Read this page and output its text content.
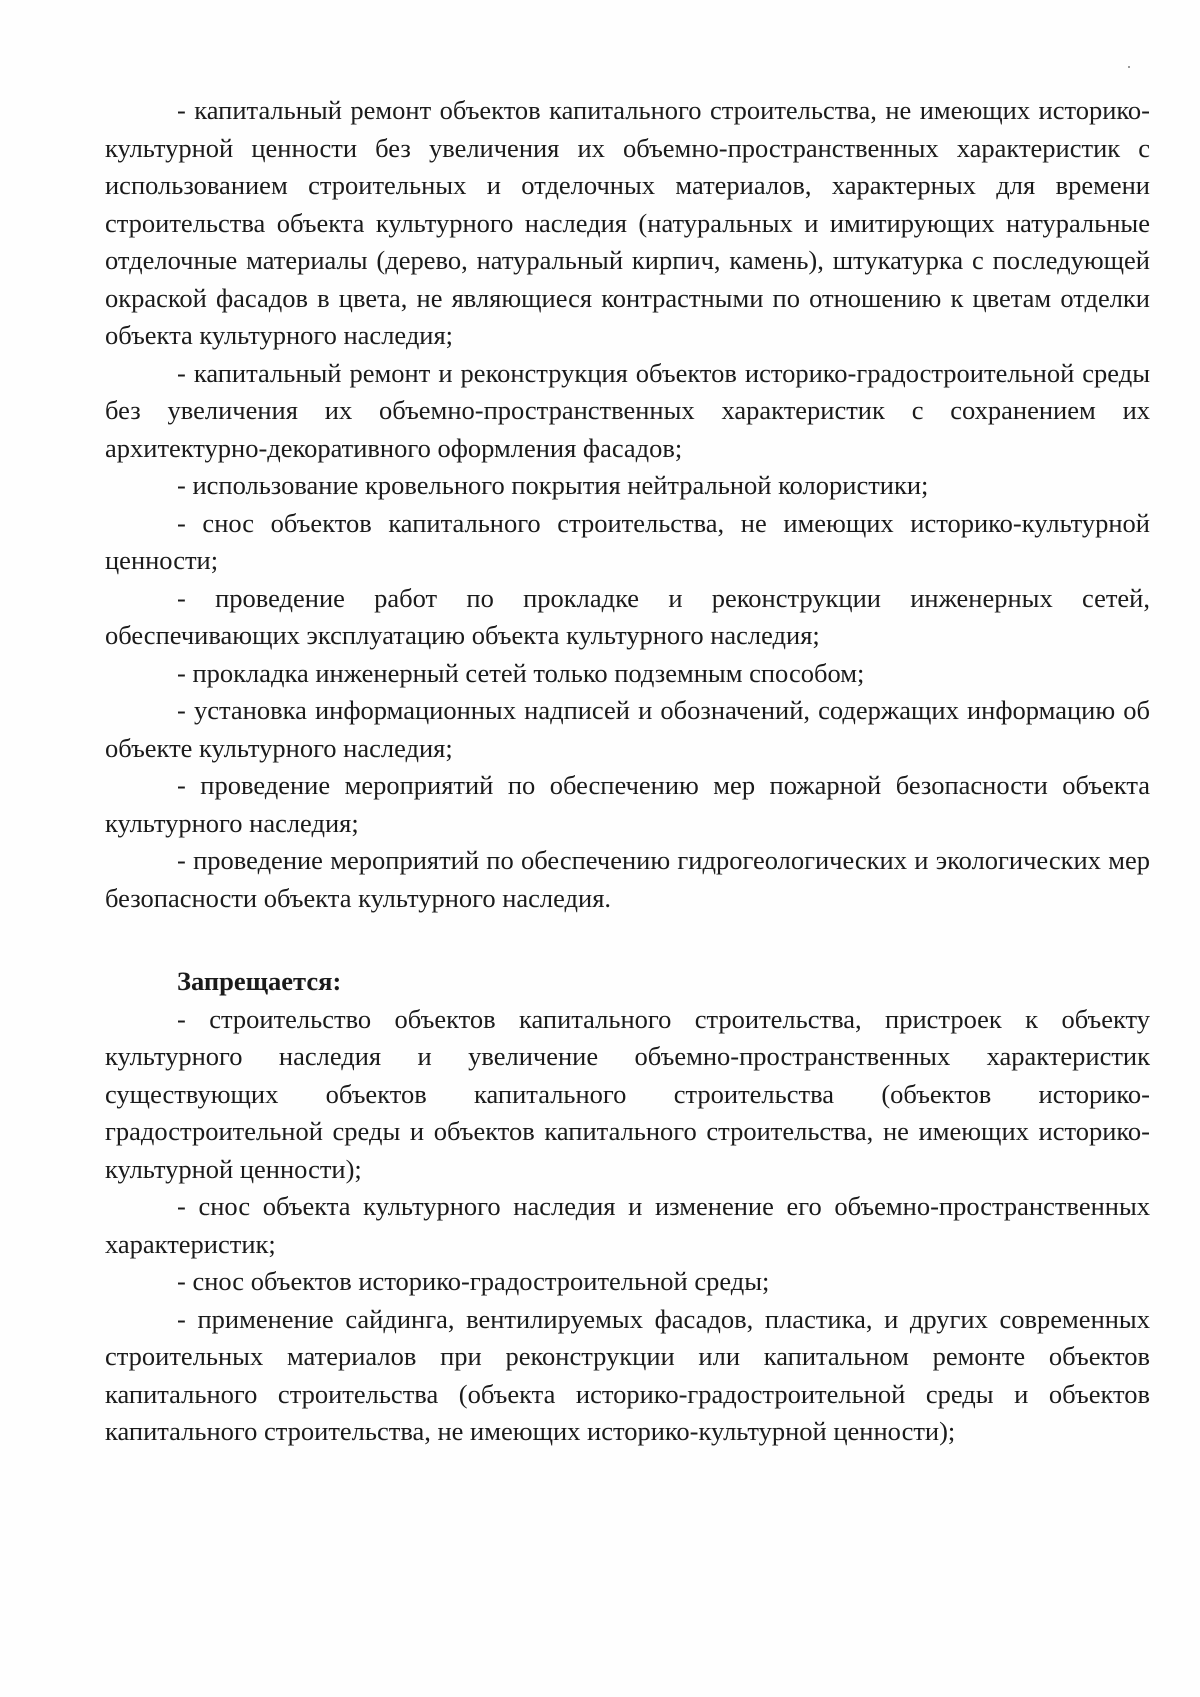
- капитальный ремонт объектов капитального строительства, не имеющих историко-культурной ценности без увеличения их объемно-пространственных характеристик с использованием строительных и отделочных материалов, характерных для времени строительства объекта культурного наследия (натуральных и имитирующих натуральные отделочные материалы (дерево, натуральный кирпич, камень), штукатурка с последующей окраской фасадов в цвета, не являющиеся контрастными по отношению к цветам отделки объекта культурного наследия;

- капитальный ремонт и реконструкция объектов историко-градостроительной среды без увеличения их объемно-пространственных характеристик с сохранением их архитектурно-декоративного оформления фасадов;

- использование кровельного покрытия нейтральной колористики;

- снос объектов капитального строительства, не имеющих историко-культурной ценности;

- проведение работ по прокладке и реконструкции инженерных сетей, обеспечивающих эксплуатацию объекта культурного наследия;

- прокладка инженерный сетей только подземным способом;

- установка информационных надписей и обозначений, содержащих информацию об объекте культурного наследия;

- проведение мероприятий по обеспечению мер пожарной безопасности объекта культурного наследия;

- проведение мероприятий по обеспечению гидрогеологических и экологических мер безопасности объекта культурного наследия.

Запрещается:

- строительство объектов капитального строительства, пристроек к объекту культурного наследия и увеличение объемно-пространственных характеристик существующих объектов капитального строительства (объектов историко-градостроительной среды и объектов капитального строительства, не имеющих историко-культурной ценности);

- снос объекта культурного наследия и изменение его объемно-пространственных характеристик;

- снос объектов историко-градостроительной среды;

- применение сайдинга, вентилируемых фасадов, пластика, и других современных строительных материалов при реконструкции или капитальном ремонте объектов капитального строительства (объекта историко-градостроительной среды и объектов капитального строительства, не имеющих историко-культурной ценности);
